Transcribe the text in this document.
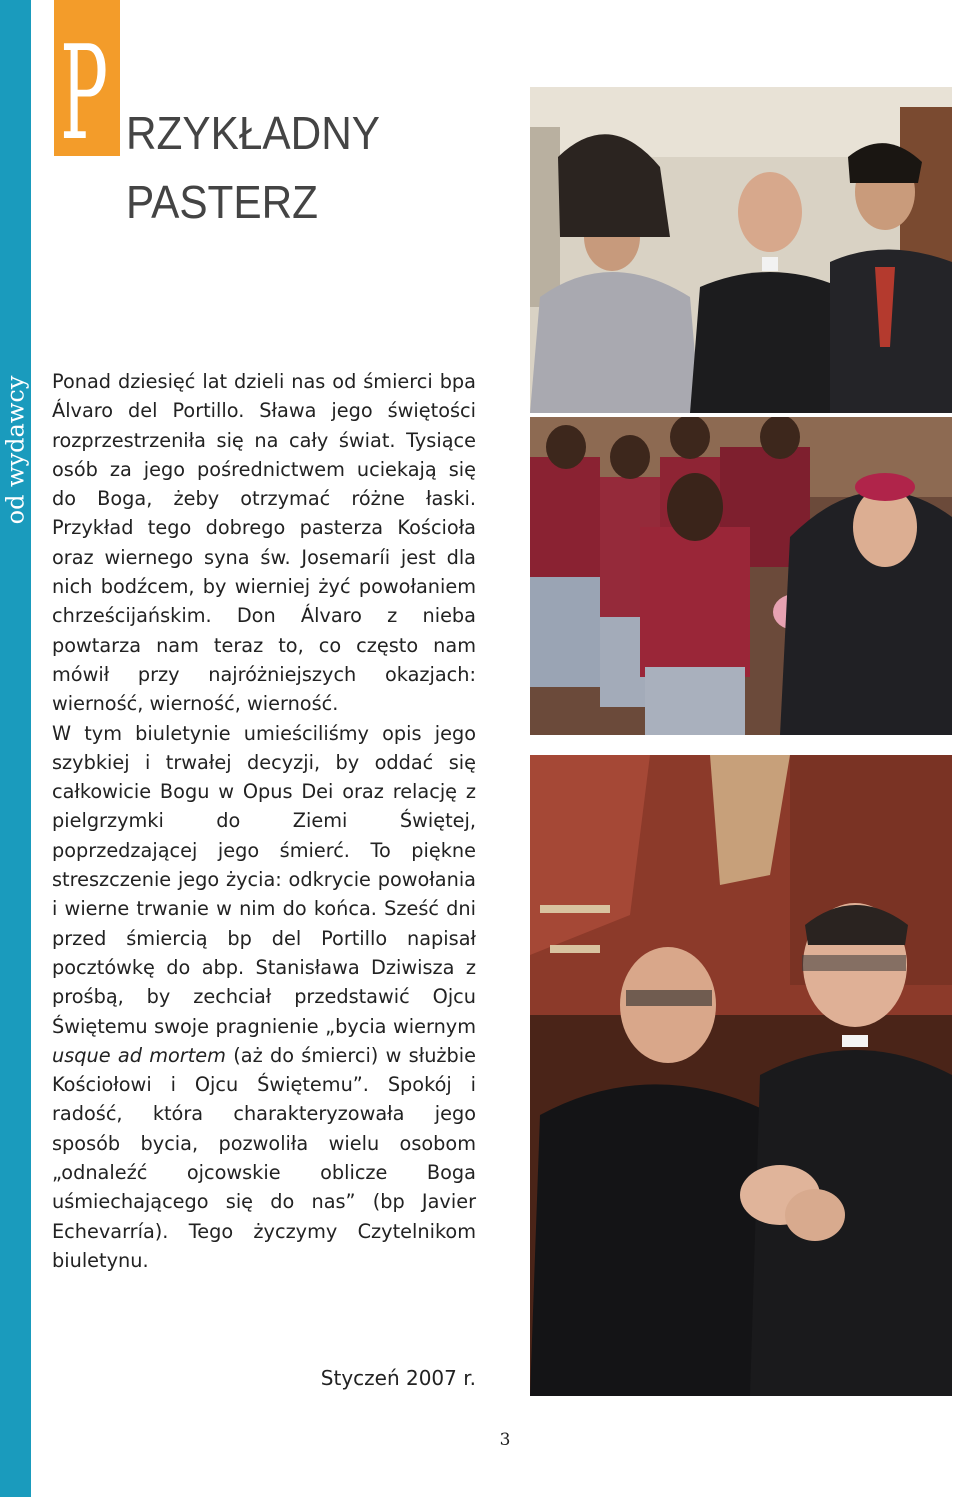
od wydawcy
P RZYKŁADNY
PASTERZ

Ponad dziesięć lat dzieli nas od śmierci bpa Álvaro del Portillo. Sława jego świętości rozprzestrzeniła się na cały świat. Tysiące osób za jego pośrednictwem uciekają się do Boga, żeby otrzymać różne łaski. Przykład tego dobrego pasterza Kościoła oraz wiernego syna św. Josemaríi jest dla nich bodźcem, by wierniej żyć powołaniem chrześcijańskim. Don Álvaro z nieba powtarza nam teraz to, co często nam mówił przy najróżniejszych okazjach: wierność, wierność, wierność.

W tym biuletynie umieściliśmy opis jego szybkiej i trwałej decyzji, by oddać się całkowicie Bogu w Opus Dei oraz relację z pielgrzymki do Ziemi Świętej, poprzedzającej jego śmierć. To piękne streszczenie jego życia: odkrycie powołania i wierne trwanie w nim do końca. Sześć dni przed śmiercią bp del Portillo napisał pocztówkę do abp. Stanisława Dziwisza z prośbą, by zechciał przedstawić Ojcu Świętemu swoje pragnienie „bycia wiernym usque ad mortem (aż do śmierci) w służbie Kościołowi i Ojcu Świętemu”. Spokój i radość, która charakteryzowała jego sposób bycia, pozwoliła wielu osobom „odnaleźć ojcowskie oblicze Boga uśmiechającego się do nas” (bp Javier Echevarría). Tego życzymy Czytelnikom biuletynu.

Styczeń 2007 r.
3
